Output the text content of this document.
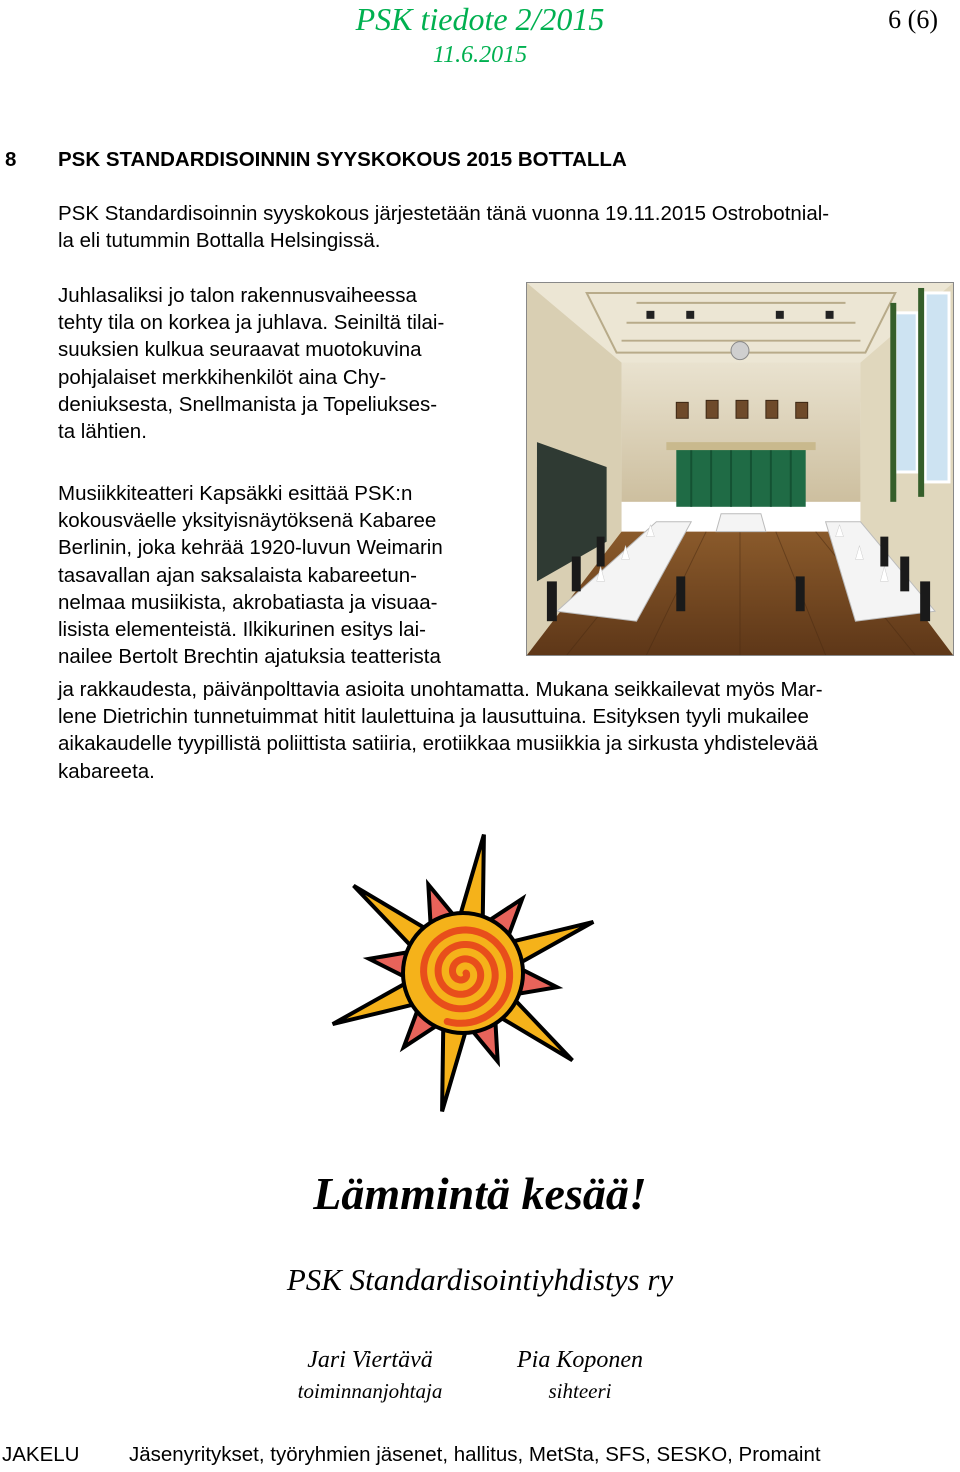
PSK tiedote 2/2015
11.6.2015
6 (6)
8 PSK STANDARDISOINNIN SYYSKOKOUS 2015 BOTTALLA
PSK Standardisoinnin syyskokous järjestetään tänä vuonna 19.11.2015 Ostrobotnial-
la eli tutummin Bottalla Helsingissä.
Juhlasaliksi jo talon rakennusvaiheessa
tehty tila on korkea ja juhlava. Seiniltä tilai-
suuksien kulkua seuraavat muotokuvina
pohjalaiset merkkihenkilöt aina Chy-
deniuksesta, Snellmanista ja Topeliukses-
ta lähtien.
Musiikkiteatteri Kapsäkki esittää PSK:n
kokousväelle yksityisnäytöksenä Kabaree
Berlinin, joka kehrää 1920-luvun Weimarin
tasavallan ajan saksalaista kabareetun-
nelmaa musiikista, akrobatiasta ja visuaa-
lisista elementeistä. Ilkikurinen esitys lai-
nailee Bertolt Brechtin ajatuksia teatterista
ja rakkaudesta, päivänpolttavia asioita unohtamatta. Mukana seikkailevat myös Mar-
lene Dietrichin tunnetuimmat hitit laulettuina ja lausuttuina. Esityksen tyyli mukailee
aikakaudelle tyypillistä poliittista satiiria, erotiikkaa musiikkia ja sirkusta yhdistelevää
kabareeta.
Lämmintä kesää!
PSK Standardisointiyhdistys ry
Jari Viertävä
toiminnanjohtaja
Pia Koponen
sihteeri
JAKELU Jäsenyritykset, työryhmien jäsenet, hallitus, MetSta, SFS, SESKO, Promaint
